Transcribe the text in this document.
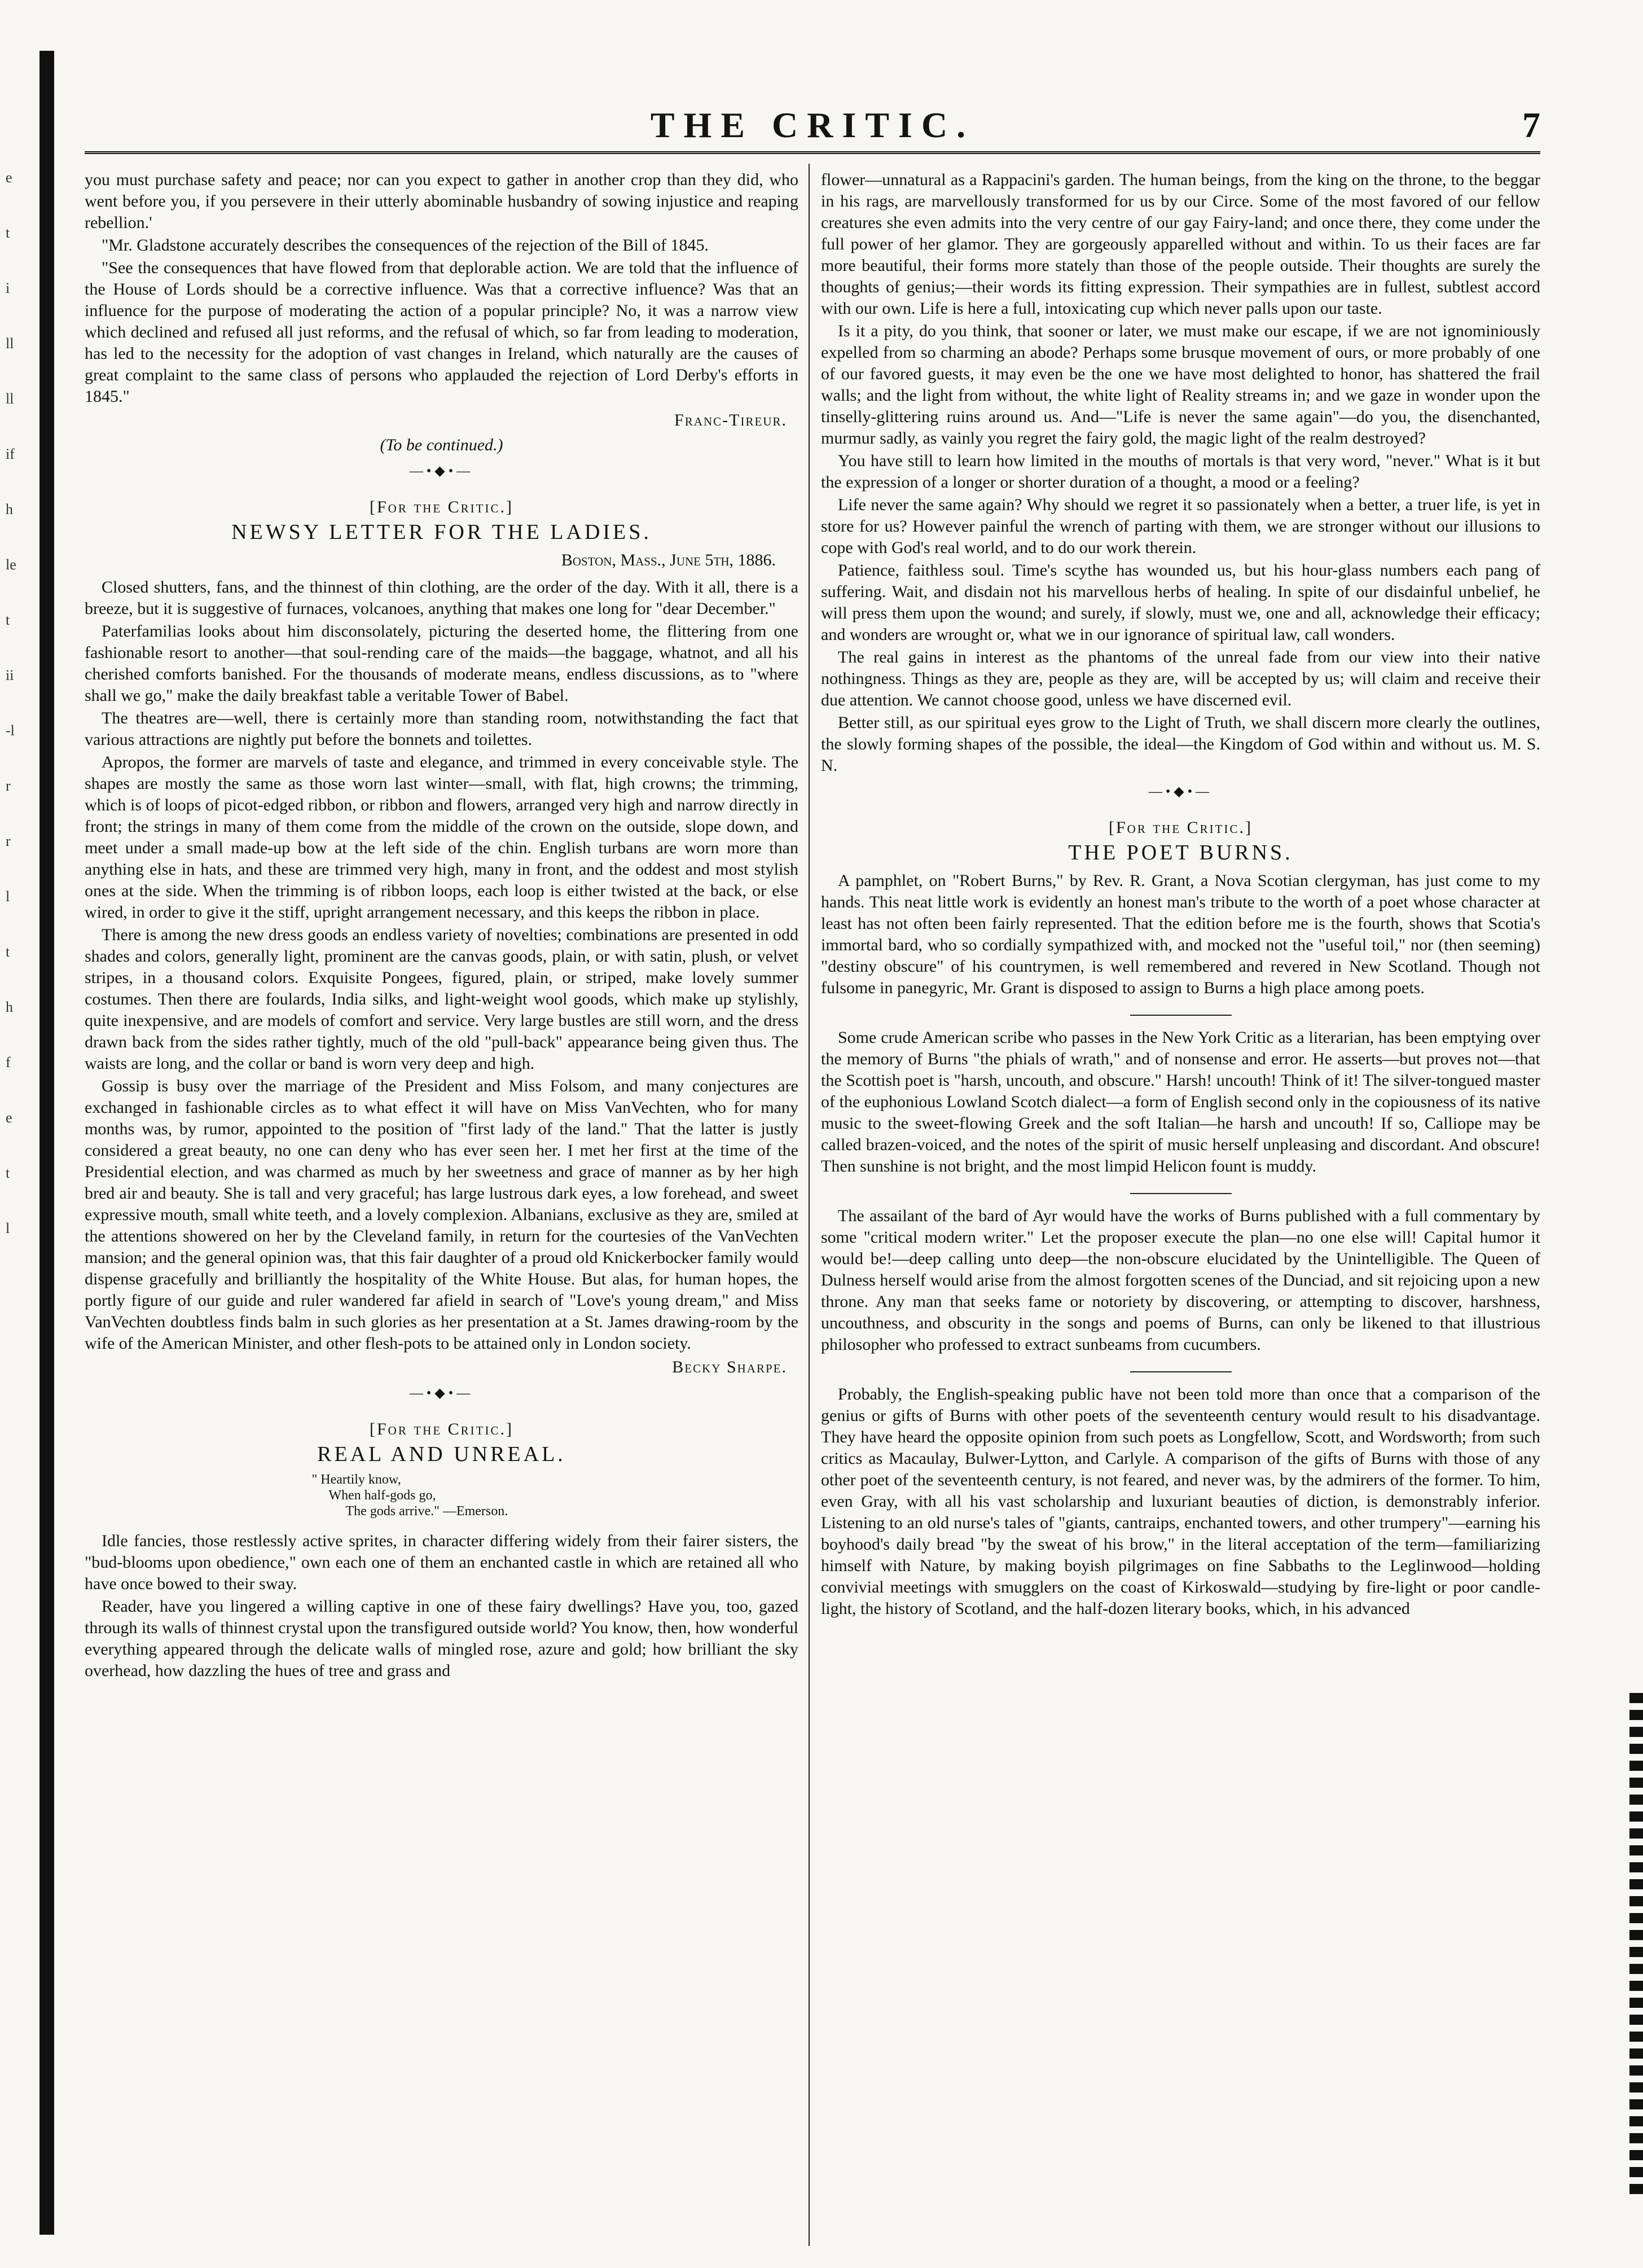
e
t
i
ll
ll
if
h
le
t
ii
-l
r
r
l
t
h
f
e
t
l
THE CRITIC.	7

you must purchase safety and peace; nor can you expect to gather in another crop than they did, who went before you, if you persevere in their utterly abominable husbandry of sowing injustice and reaping rebellion.'

"Mr. Gladstone accurately describes the consequences of the rejection of the Bill of 1845.

"See the consequences that have flowed from that deplorable action. We are told that the influence of the House of Lords should be a corrective influence. Was that a corrective influence? Was that an influence for the purpose of moderating the action of a popular principle? No, it was a narrow view which declined and refused all just reforms, and the refusal of which, so far from leading to moderation, has led to the necessity for the adoption of vast changes in Ireland, which naturally are the causes of great complaint to the same class of persons who applauded the rejection of Lord Derby's efforts in 1845."

Franc-Tireur.
(To be continued.)
—•◆•—
[For the Critic.]
NEWSY LETTER FOR THE LADIES.
Boston, Mass., June 5th, 1886.

Closed shutters, fans, and the thinnest of thin clothing, are the order of the day. With it all, there is a breeze, but it is suggestive of furnaces, volcanoes, anything that makes one long for "dear December."

Paterfamilias looks about him disconsolately, picturing the deserted home, the flittering from one fashionable resort to another—that soul-rending care of the maids—the baggage, whatnot, and all his cherished comforts banished. For the thousands of moderate means, endless discussions, as to "where shall we go," make the daily breakfast table a veritable Tower of Babel.

The theatres are—well, there is certainly more than standing room, notwithstanding the fact that various attractions are nightly put before the bonnets and toilettes.

Apropos, the former are marvels of taste and elegance, and trimmed in every conceivable style. The shapes are mostly the same as those worn last winter—small, with flat, high crowns; the trimming, which is of loops of picot-edged ribbon, or ribbon and flowers, arranged very high and narrow directly in front; the strings in many of them come from the middle of the crown on the outside, slope down, and meet under a small made-up bow at the left side of the chin. English turbans are worn more than anything else in hats, and these are trimmed very high, many in front, and the oddest and most stylish ones at the side. When the trimming is of ribbon loops, each loop is either twisted at the back, or else wired, in order to give it the stiff, upright arrangement necessary, and this keeps the ribbon in place.

There is among the new dress goods an endless variety of novelties; combinations are presented in odd shades and colors, generally light, prominent are the canvas goods, plain, or with satin, plush, or velvet stripes, in a thousand colors. Exquisite Pongees, figured, plain, or striped, make lovely summer costumes. Then there are foulards, India silks, and light-weight wool goods, which make up stylishly, quite inexpensive, and are models of comfort and service. Very large bustles are still worn, and the dress drawn back from the sides rather tightly, much of the old "pull-back" appearance being given thus. The waists are long, and the collar or band is worn very deep and high.

Gossip is busy over the marriage of the President and Miss Folsom, and many conjectures are exchanged in fashionable circles as to what effect it will have on Miss VanVechten, who for many months was, by rumor, appointed to the position of "first lady of the land." That the latter is justly considered a great beauty, no one can deny who has ever seen her. I met her first at the time of the Presidential election, and was charmed as much by her sweetness and grace of manner as by her high bred air and beauty. She is tall and very graceful; has large lustrous dark eyes, a low forehead, and sweet expressive mouth, small white teeth, and a lovely complexion. Albanians, exclusive as they are, smiled at the attentions showered on her by the Cleveland family, in return for the courtesies of the VanVechten mansion; and the general opinion was, that this fair daughter of a proud old Knickerbocker family would dispense gracefully and brilliantly the hospitality of the White House. But alas, for human hopes, the portly figure of our guide and ruler wandered far afield in search of "Love's young dream," and Miss VanVechten doubtless finds balm in such glories as her presentation at a St. James drawing-room by the wife of the American Minister, and other flesh-pots to be attained only in London society.

Becky Sharpe.
—•◆•—
[For the Critic.]
REAL AND UNREAL.
" Heartily know,
When half-gods go,
The gods arrive." —Emerson.

Idle fancies, those restlessly active sprites, in character differing widely from their fairer sisters, the "bud-blooms upon obedience," own each one of them an enchanted castle in which are retained all who have once bowed to their sway.

Reader, have you lingered a willing captive in one of these fairy dwellings? Have you, too, gazed through its walls of thinnest crystal upon the transfigured outside world? You know, then, how wonderful everything appeared through the delicate walls of mingled rose, azure and gold; how brilliant the sky overhead, how dazzling the hues of tree and grass and

flower—unnatural as a Rappacini's garden. The human beings, from the king on the throne, to the beggar in his rags, are marvellously transformed for us by our Circe. Some of the most favored of our fellow creatures she even admits into the very centre of our gay Fairy-land; and once there, they come under the full power of her glamor. They are gorgeously apparelled without and within. To us their faces are far more beautiful, their forms more stately than those of the people outside. Their thoughts are surely the thoughts of genius;—their words its fitting expression. Their sympathies are in fullest, subtlest accord with our own. Life is here a full, intoxicating cup which never palls upon our taste.

Is it a pity, do you think, that sooner or later, we must make our escape, if we are not ignominiously expelled from so charming an abode? Perhaps some brusque movement of ours, or more probably of one of our favored guests, it may even be the one we have most delighted to honor, has shattered the frail walls; and the light from without, the white light of Reality streams in; and we gaze in wonder upon the tinselly-glittering ruins around us. And—"Life is never the same again"—do you, the disenchanted, murmur sadly, as vainly you regret the fairy gold, the magic light of the realm destroyed?

You have still to learn how limited in the mouths of mortals is that very word, "never." What is it but the expression of a longer or shorter duration of a thought, a mood or a feeling?

Life never the same again? Why should we regret it so passionately when a better, a truer life, is yet in store for us? However painful the wrench of parting with them, we are stronger without our illusions to cope with God's real world, and to do our work therein.

Patience, faithless soul. Time's scythe has wounded us, but his hour-glass numbers each pang of suffering. Wait, and disdain not his marvellous herbs of healing. In spite of our disdainful unbelief, he will press them upon the wound; and surely, if slowly, must we, one and all, acknowledge their efficacy; and wonders are wrought or, what we in our ignorance of spiritual law, call wonders.

The real gains in interest as the phantoms of the unreal fade from our view into their native nothingness. Things as they are, people as they are, will be accepted by us; will claim and receive their due attention. We cannot choose good, unless we have discerned evil.

Better still, as our spiritual eyes grow to the Light of Truth, we shall discern more clearly the outlines, the slowly forming shapes of the possible, the ideal—the Kingdom of God within and without us. M. S. N.

—•◆•—
[For the Critic.]
THE POET BURNS.

A pamphlet, on "Robert Burns," by Rev. R. Grant, a Nova Scotian clergyman, has just come to my hands. This neat little work is evidently an honest man's tribute to the worth of a poet whose character at least has not often been fairly represented. That the edition before me is the fourth, shows that Scotia's immortal bard, who so cordially sympathized with, and mocked not the "useful toil," nor (then seeming) "destiny obscure" of his countrymen, is well remembered and revered in New Scotland. Though not fulsome in panegyric, Mr. Grant is disposed to assign to Burns a high place among poets.

Some crude American scribe who passes in the New York Critic as a literarian, has been emptying over the memory of Burns "the phials of wrath," and of nonsense and error. He asserts—but proves not—that the Scottish poet is "harsh, uncouth, and obscure." Harsh! uncouth! Think of it! The silver-tongued master of the euphonious Lowland Scotch dialect—a form of English second only in the copiousness of its native music to the sweet-flowing Greek and the soft Italian—he harsh and uncouth! If so, Calliope may be called brazen-voiced, and the notes of the spirit of music herself unpleasing and discordant. And obscure! Then sunshine is not bright, and the most limpid Helicon fount is muddy.

The assailant of the bard of Ayr would have the works of Burns published with a full commentary by some "critical modern writer." Let the proposer execute the plan—no one else will! Capital humor it would be!—deep calling unto deep—the non-obscure elucidated by the Unintelligible. The Queen of Dulness herself would arise from the almost forgotten scenes of the Dunciad, and sit rejoicing upon a new throne. Any man that seeks fame or notoriety by discovering, or attempting to discover, harshness, uncouthness, and obscurity in the songs and poems of Burns, can only be likened to that illustrious philosopher who professed to extract sunbeams from cucumbers.

Probably, the English-speaking public have not been told more than once that a comparison of the genius or gifts of Burns with other poets of the seventeenth century would result to his disadvantage. They have heard the opposite opinion from such poets as Longfellow, Scott, and Wordsworth; from such critics as Macaulay, Bulwer-Lytton, and Carlyle. A comparison of the gifts of Burns with those of any other poet of the seventeenth century, is not feared, and never was, by the admirers of the former. To him, even Gray, with all his vast scholarship and luxuriant beauties of diction, is demonstrably inferior. Listening to an old nurse's tales of "giants, cantraips, enchanted towers, and other trumpery"—earning his boyhood's daily bread "by the sweat of his brow," in the literal acceptation of the term—familiarizing himself with Nature, by making boyish pilgrimages on fine Sabbaths to the Leglinwood—holding convivial meetings with smugglers on the coast of Kirkoswald—studying by fire-light or poor candle-light, the history of Scotland, and the half-dozen literary books, which, in his advanced
